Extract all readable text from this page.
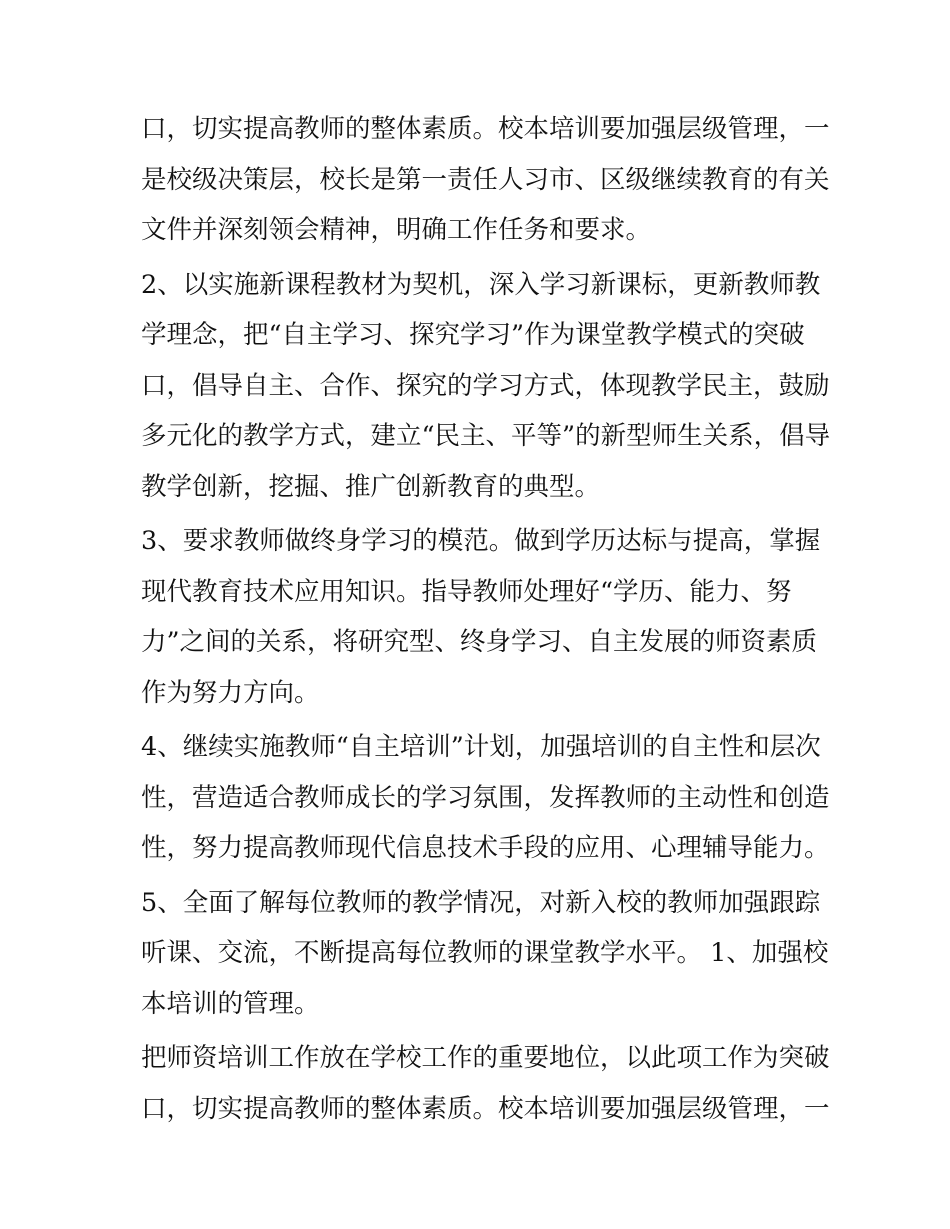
口，切实提高教师的整体素质。校本培训要加强层级管理，一
是校级决策层，校长是第一责任人习市、区级继续教育的有关
文件并深刻领会精神，明确工作任务和要求。
2、以实施新课程教材为契机，深入学习新课标，更新教师教
学理念，把“自主学习、探究学习”作为课堂教学模式的突破
口，倡导自主、合作、探究的学习方式，体现教学民主，鼓励
多元化的教学方式，建立“民主、平等”的新型师生关系，倡导
教学创新，挖掘、推广创新教育的典型。
3、要求教师做终身学习的模范。做到学历达标与提高，掌握
现代教育技术应用知识。指导教师处理好“学历、能力、努
力”之间的关系，将研究型、终身学习、自主发展的师资素质
作为努力方向。
4、继续实施教师“自主培训”计划，加强培训的自主性和层次
性，营造适合教师成长的学习氛围，发挥教师的主动性和创造
性，努力提高教师现代信息技术手段的应用、心理辅导能力。
5、全面了解每位教师的教学情况，对新入校的教师加强跟踪
听课、交流，不断提高每位教师的课堂教学水平。 1、加强校
本培训的管理。
把师资培训工作放在学校工作的重要地位，以此项工作为突破
口，切实提高教师的整体素质。校本培训要加强层级管理，一
